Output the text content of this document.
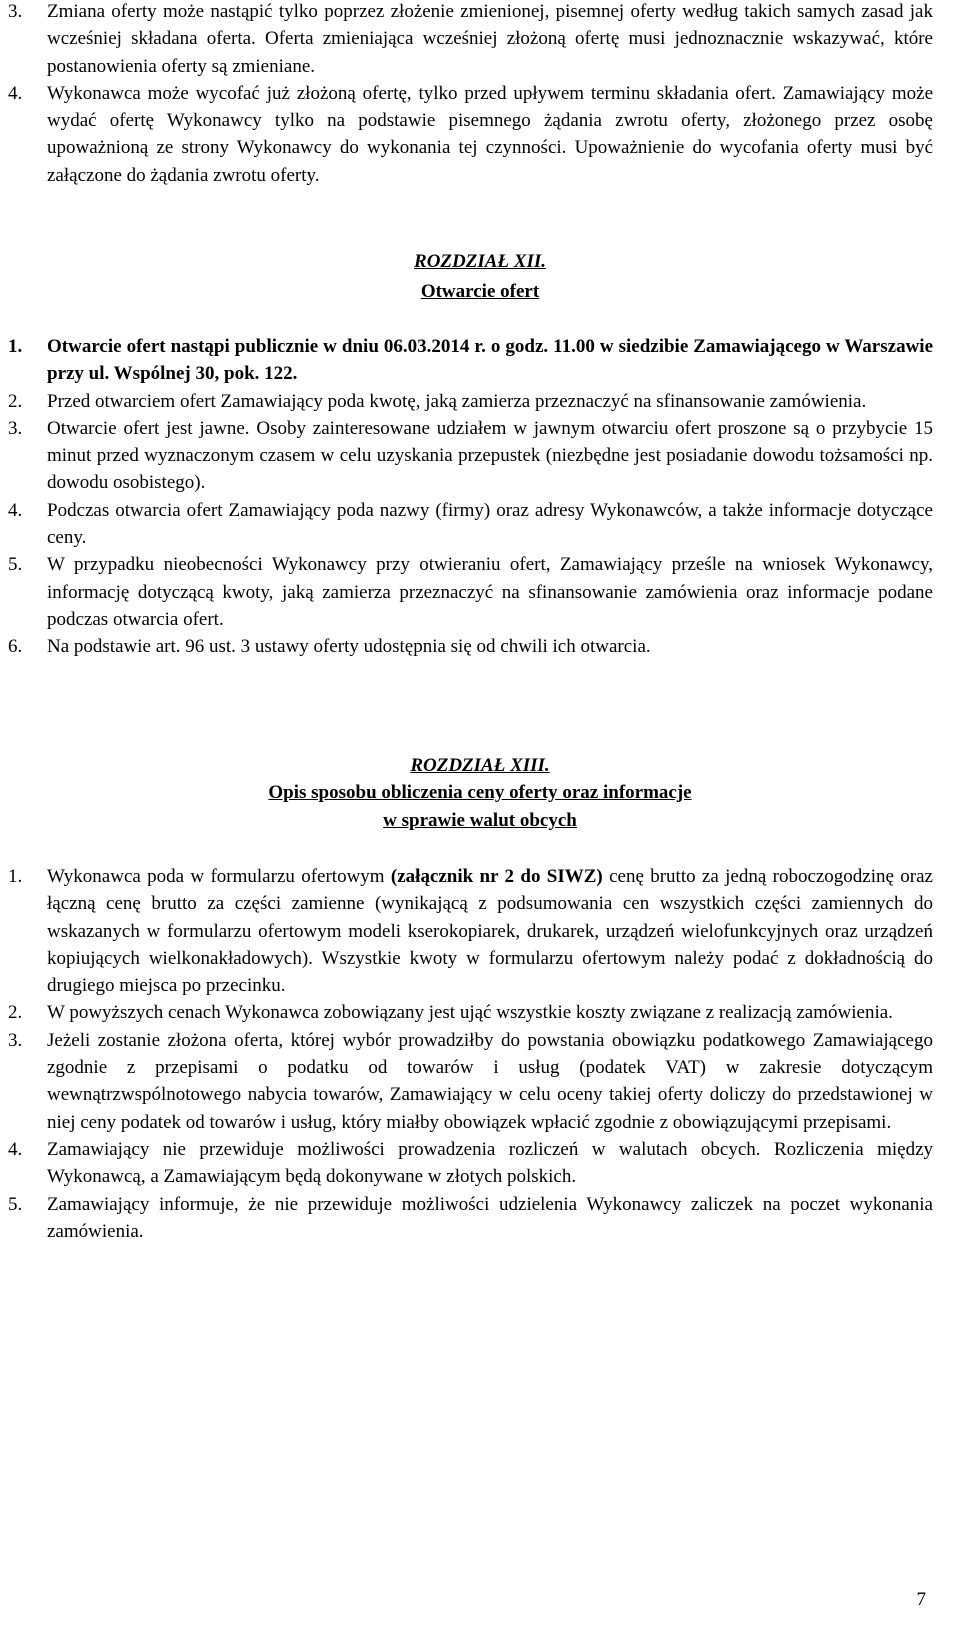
3.	Zmiana oferty może nastąpić tylko poprzez złożenie zmienionej, pisemnej oferty według takich samych zasad jak wcześniej składana oferta. Oferta zmieniająca wcześniej złożoną ofertę musi jednoznacznie wskazywać, które postanowienia oferty są zmieniane.
4.	Wykonawca może wycofać już złożoną ofertę, tylko przed upływem terminu składania ofert. Zamawiający może wydać ofertę Wykonawcy tylko na podstawie pisemnego żądania zwrotu oferty, złożonego przez osobę upoważnioną ze strony Wykonawcy do wykonania tej czynności. Upoważnienie do wycofania oferty musi być załączone do żądania zwrotu oferty.
ROZDZIAŁ XII.
Otwarcie ofert
1.	Otwarcie ofert nastąpi publicznie w dniu 06.03.2014 r. o godz. 11.00 w siedzibie Zamawiającego w Warszawie przy ul. Wspólnej 30, pok. 122.
2.	Przed otwarciem ofert Zamawiający poda kwotę, jaką zamierza przeznaczyć na sfinansowanie zamówienia.
3.	Otwarcie ofert jest jawne. Osoby zainteresowane udziałem w jawnym otwarciu ofert proszone są o przybycie 15 minut przed wyznaczonym czasem w celu uzyskania przepustek (niezbędne jest posiadanie dowodu tożsamości np. dowodu osobistego).
4.	Podczas otwarcia ofert Zamawiający poda nazwy (firmy) oraz adresy Wykonawców, a także informacje dotyczące ceny.
5.	W przypadku nieobecności Wykonawcy przy otwieraniu ofert, Zamawiający prześle na wniosek Wykonawcy, informację dotyczącą kwoty, jaką zamierza przeznaczyć na sfinansowanie zamówienia oraz informacje podane podczas otwarcia ofert.
6.	Na podstawie art. 96 ust. 3 ustawy oferty udostępnia się od chwili ich otwarcia.
ROZDZIAŁ XIII.
Opis sposobu obliczenia ceny oferty oraz informacje
w sprawie walut obcych
1.	Wykonawca poda w formularzu ofertowym (załącznik nr 2 do SIWZ) cenę brutto za jedną roboczogodzinę oraz łączną cenę brutto za części zamienne (wynikającą z podsumowania cen wszystkich części zamiennych do wskazanych w formularzu ofertowym modeli kserokopiarek, drukarek, urządzeń wielofunkcyjnych oraz urządzeń kopiujących wielkonakładowych). Wszystkie kwoty w formularzu ofertowym należy podać z dokładnością do drugiego miejsca po przecinku.
2.	W powyższych cenach Wykonawca zobowiązany jest ująć wszystkie koszty związane z realizacją zamówienia.
3.	Jeżeli zostanie złożona oferta, której wybór prowadziłby do powstania obowiązku podatkowego Zamawiającego zgodnie z przepisami o podatku od towarów i usług (podatek VAT) w zakresie dotyczącym wewnątrzwspólnotowego nabycia towarów, Zamawiający w celu oceny takiej oferty doliczy do przedstawionej w niej ceny podatek od towarów i usług, który miałby obowiązek wpłacić zgodnie z obowiązującymi przepisami.
4.	Zamawiający nie przewiduje możliwości prowadzenia rozliczeń w walutach obcych. Rozliczenia między Wykonawcą, a Zamawiającym będą dokonywane w złotych polskich.
5.	Zamawiający informuje, że nie przewiduje możliwości udzielenia Wykonawcy zaliczek na poczet wykonania zamówienia.
7
